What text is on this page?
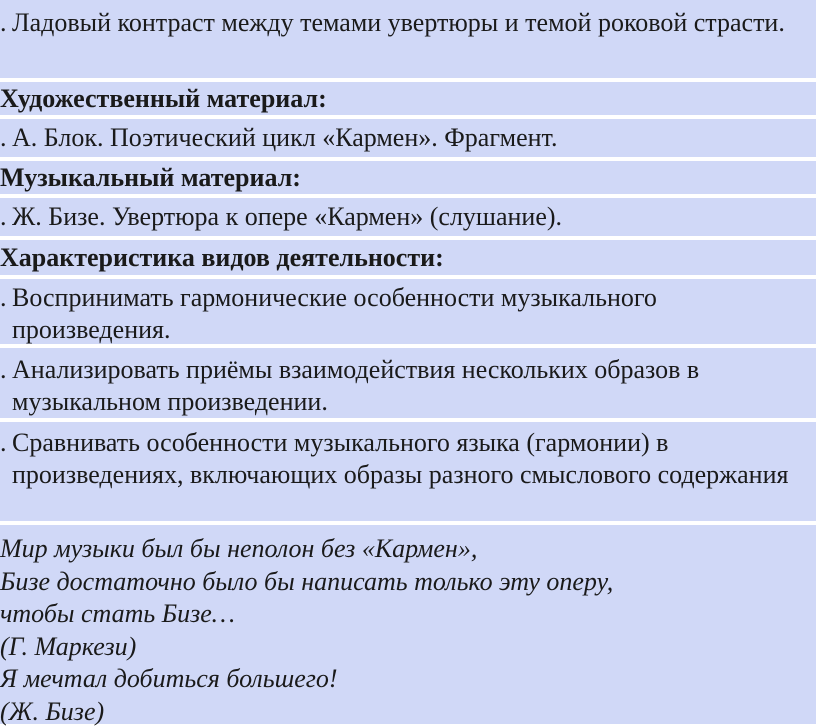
. Ладовый контраст между темами увертюры и темой роковой страсти.
Художественный материал:
. А. Блок. Поэтический цикл «Кармен». Фрагмент.
Музыкальный материал:
. Ж. Бизе. Увертюра к опере «Кармен» (слушание).
Характеристика видов деятельности:
. Воспринимать гармонические особенности музыкального произведения.
. Анализировать приёмы взаимодействия нескольких образов в музыкальном произведении.
. Сравнивать особенности музыкального языка (гармонии) в произведениях, включающих образы разного смыслового содержания

Мир музыки был бы неполон без «Кармен»,

Бизе достаточно было бы написать только эту оперу,

чтобы стать Бизе…

(Г. Маркези)

Я мечтал добиться большего!

(Ж. Бизе)
